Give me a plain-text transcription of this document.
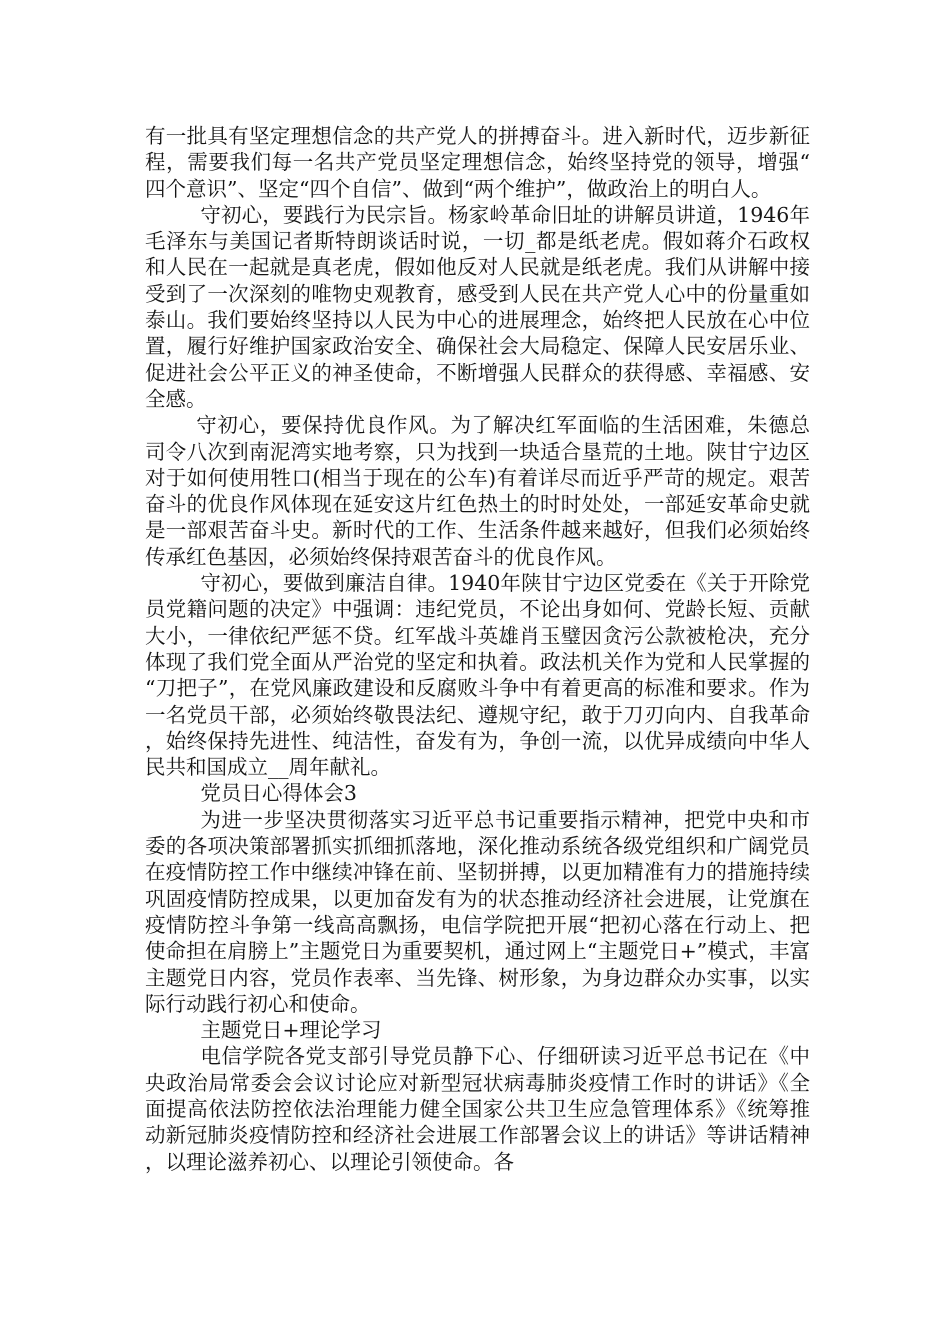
有一批具有坚定理想信念的共产党人的拼搏奋斗。进入新时代，迈步新征程，需要我们每一名共产党员坚定理想信念，始终坚持党的领导，增强“四个意识”、坚定“四个自信”、做到“两个维护”，做政治上的明白人。

守初心，要践行为民宗旨。杨家岭革命旧址的讲解员讲道，1946年毛泽东与美国记者斯特朗谈话时说，一切_都是纸老虎。假如蒋介石政权和人民在一起就是真老虎，假如他反对人民就是纸老虎。我们从讲解中接受到了一次深刻的唯物史观教育，感受到人民在共产党人心中的份量重如泰山。我们要始终坚持以人民为中心的进展理念，始终把人民放在心中位置，履行好维护国家政治安全、确保社会大局稳定、保障人民安居乐业、促进社会公平正义的神圣使命，不断增强人民群众的获得感、幸福感、安全感。

守初心，要保持优良作风。为了解决红军面临的生活困难，朱德总司令八次到南泥湾实地考察，只为找到一块适合垦荒的土地。陕甘宁边区对于如何使用牲口(相当于现在的公车)有着详尽而近乎严苛的规定。艰苦奋斗的优良作风体现在延安这片红色热土的时时处处，一部延安革命史就是一部艰苦奋斗史。新时代的工作、生活条件越来越好，但我们必须始终传承红色基因，必须始终保持艰苦奋斗的优良作风。

守初心，要做到廉洁自律。1940年陕甘宁边区党委在《关于开除党员党籍问题的决定》中强调：违纪党员，不论出身如何、党龄长短、贡献大小，一律依纪严惩不贷。红军战斗英雄肖玉璧因贪污公款被枪决，充分体现了我们党全面从严治党的坚定和执着。政法机关作为党和人民掌握的“刀把子”，在党风廉政建设和反腐败斗争中有着更高的标准和要求。作为一名党员干部，必须始终敬畏法纪、遵规守纪，敢于刀刃向内、自我革命，始终保持先进性、纯洁性，奋发有为，争创一流，以优异成绩向中华人民共和国成立__周年献礼。

党员日心得体会3

为进一步坚决贯彻落实习近平总书记重要指示精神，把党中央和市委的各项决策部署抓实抓细抓落地，深化推动系统各级党组织和广阔党员在疫情防控工作中继续冲锋在前、坚韧拼搏，以更加精准有力的措施持续巩固疫情防控成果，以更加奋发有为的状态推动经济社会进展，让党旗在疫情防控斗争第一线高高飘扬，电信学院把开展“把初心落在行动上、把使命担在肩膀上”主题党日为重要契机，通过网上“主题党日+”模式，丰富主题党日内容，党员作表率、当先锋、树形象，为身边群众办实事，以实际行动践行初心和使命。

主题党日+理论学习

电信学院各党支部引导党员静下心、仔细研读习近平总书记在《中央政治局常委会会议讨论应对新型冠状病毒肺炎疫情工作时的讲话》《全面提高依法防控依法治理能力健全国家公共卫生应急管理体系》《统筹推动新冠肺炎疫情防控和经济社会进展工作部署会议上的讲话》等讲话精神，以理论滋养初心、以理论引领使命。各
